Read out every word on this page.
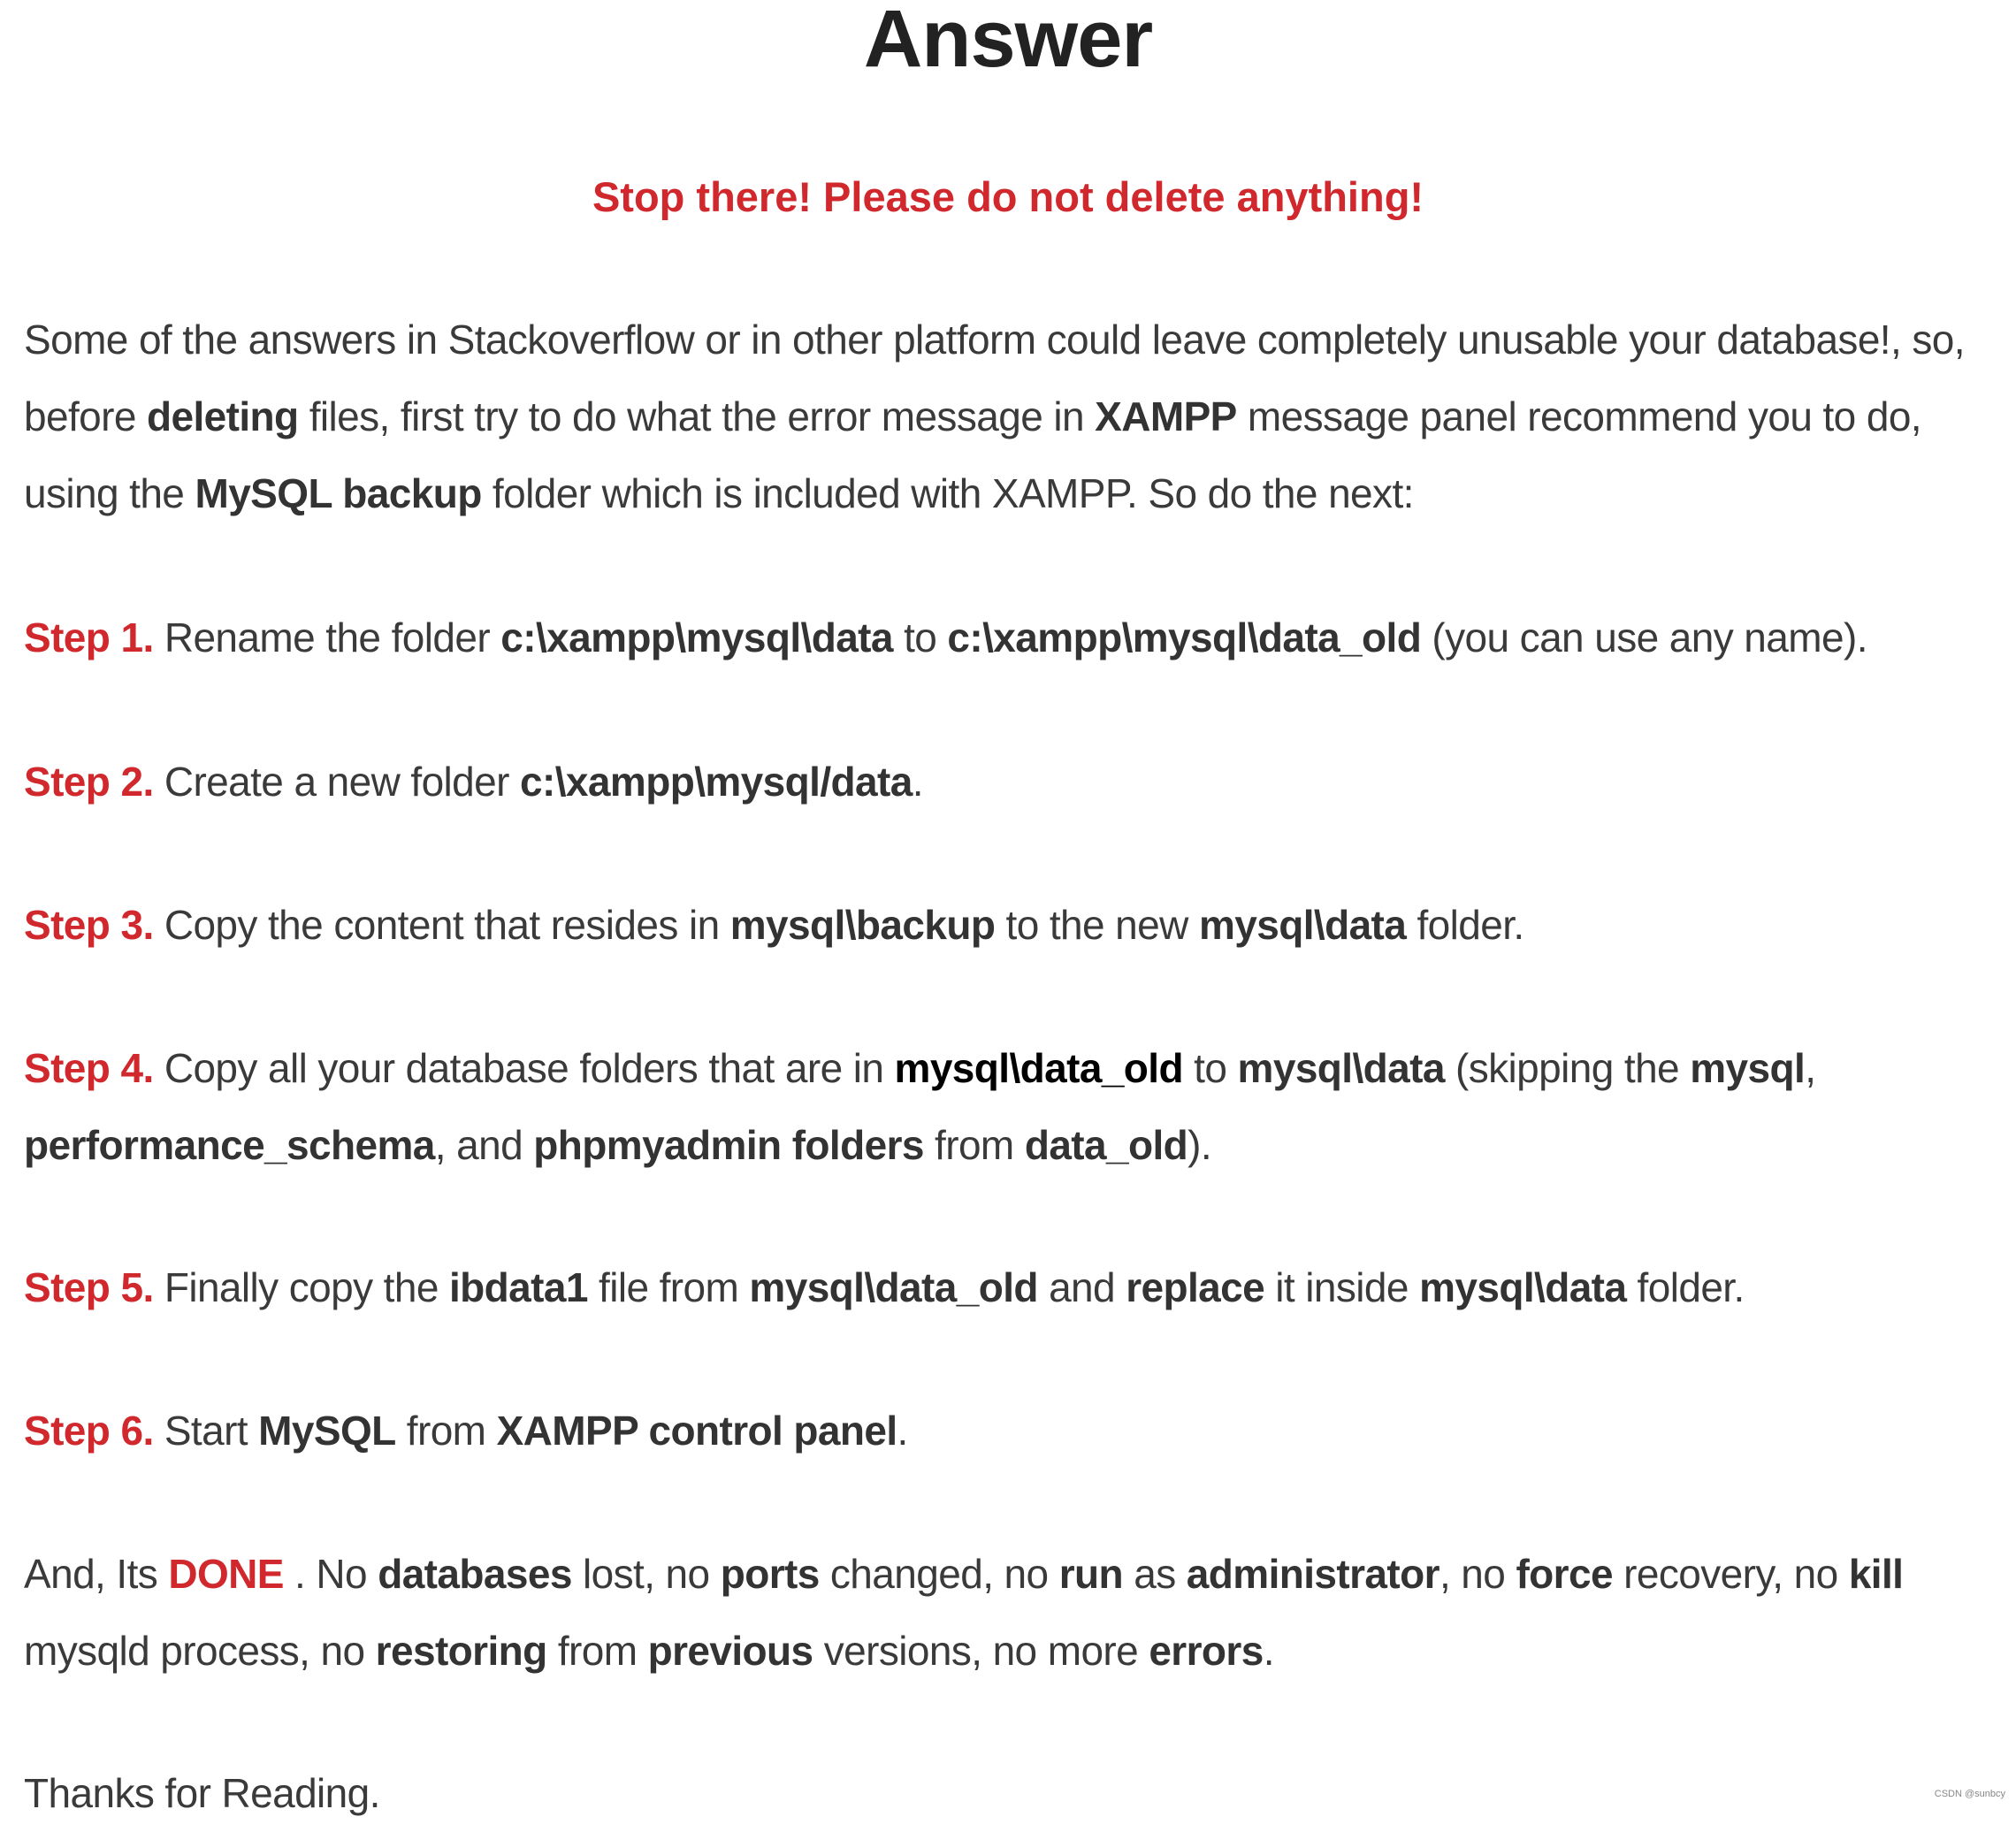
Answer
Stop there! Please do not delete anything!

Some of the answers in Stackoverflow or in other platform could leave completely unusable your database!, so, before deleting files, first try to do what the error message in XAMPP message panel recommend you to do, using the MySQL backup folder which is included with XAMPP. So do the next:

Step 1. Rename the folder c:\xampp\mysql\data to c:\xampp\mysql\data_old (you can use any name).

Step 2. Create a new folder c:\xampp\mysql/data.

Step 3. Copy the content that resides in mysql\backup to the new mysql\data folder.

Step 4. Copy all your database folders that are in mysql\data_old to mysql\data (skipping the mysql, performance_schema, and phpmyadmin folders from data_old).

Step 5. Finally copy the ibdata1 file from mysql\data_old and replace it inside mysql\data folder.

Step 6. Start MySQL from XAMPP control panel.

And, Its DONE . No databases lost, no ports changed, no run as administrator, no force recovery, no kill mysqld process, no restoring from previous versions, no more errors.

Thanks for Reading.	CSDN @sunbcy
